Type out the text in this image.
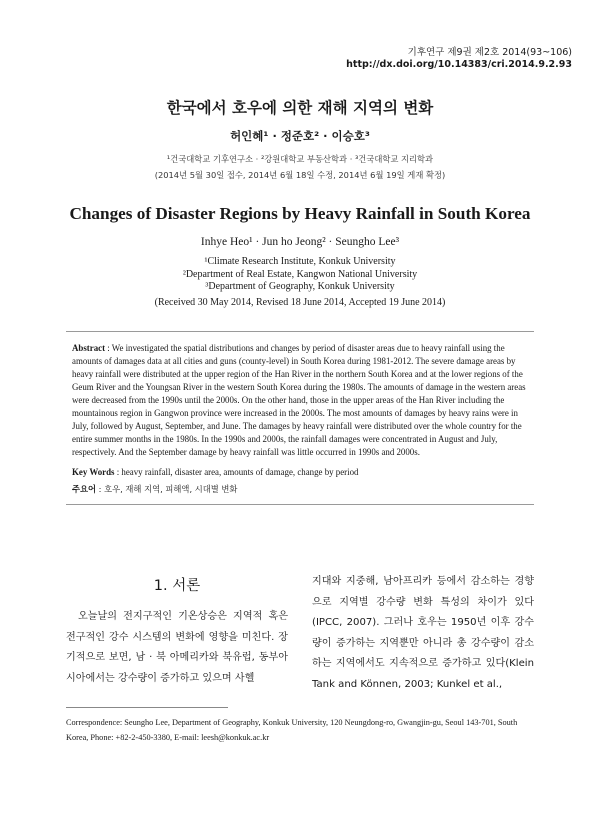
기후연구 제9권 제2호 2014(93~106)
http://dx.doi.org/10.14383/cri.2014.9.2.93
한국에서 호우에 의한 재해 지역의 변화
허인혜¹ · 정준호² · 이승호³
¹건국대학교 기후연구소 · ²강원대학교 부동산학과 · ³건국대학교 지리학과
(2014년 5월 30일 접수, 2014년 6월 18일 수정, 2014년 6월 19일 게재 확정)
Changes of Disaster Regions by Heavy Rainfall in South Korea
Inhye Heo¹ · Jun ho Jeong² · Seungho Lee³
¹Climate Research Institute, Konkuk University
²Department of Real Estate, Kangwon National University
³Department of Geography, Konkuk University
(Received 30 May 2014, Revised 18 June 2014, Accepted 19 June 2014)
Abstract : We investigated the spatial distributions and changes by period of disaster areas due to heavy rainfall using the amounts of damages data at all cities and guns (county-level) in South Korea during 1981-2012. The severe damage areas by heavy rainfall were distributed at the upper region of the Han River in the northern South Korea and at the lower regions of the Geum River and the Youngsan River in the western South Korea during the 1980s. The amounts of damage in the western areas were decreased from the 1990s until the 2000s. On the other hand, those in the upper areas of the Han River including the mountainous region in Gangwon province were increased in the 2000s. The most amounts of damages by heavy rains were in July, followed by August, September, and June. The damages by heavy rainfall were distributed over the whole country for the entire summer months in the 1980s. In the 1990s and 2000s, the rainfall damages were concentrated in August and July, respectively. And the September damage by heavy rainfall was little occurred in 1990s and 2000s.
Key Words : heavy rainfall, disaster area, amounts of damage, change by period
주요어 : 호우, 재해 지역, 피해액, 시대별 변화
1. 서론
오늘날의 전지구적인 기온상승은 지역적 혹은 전구적인 강수 시스템의 변화에 영향을 미친다. 장기적으로 보면, 남 · 북 아메리카와 북유럽, 동부아시아에서는 강수량이 증가하고 있으며 사헬
지대와 지중해, 남아프리카 등에서 감소하는 경향으로 지역별 강수량 변화 특성의 차이가 있다(IPCC, 2007). 그러나 호우는 1950년 이후 강수량이 증가하는 지역뿐만 아니라 총 강수량이 감소하는 지역에서도 지속적으로 증가하고 있다(Klein Tank and Können, 2003; Kunkel et al.,
Correspondence: Seungho Lee, Department of Geography, Konkuk University, 120 Neungdong-ro, Gwangjin-gu, Seoul 143-701, South Korea, Phone: +82-2-450-3380, E-mail: leesh@konkuk.ac.kr
